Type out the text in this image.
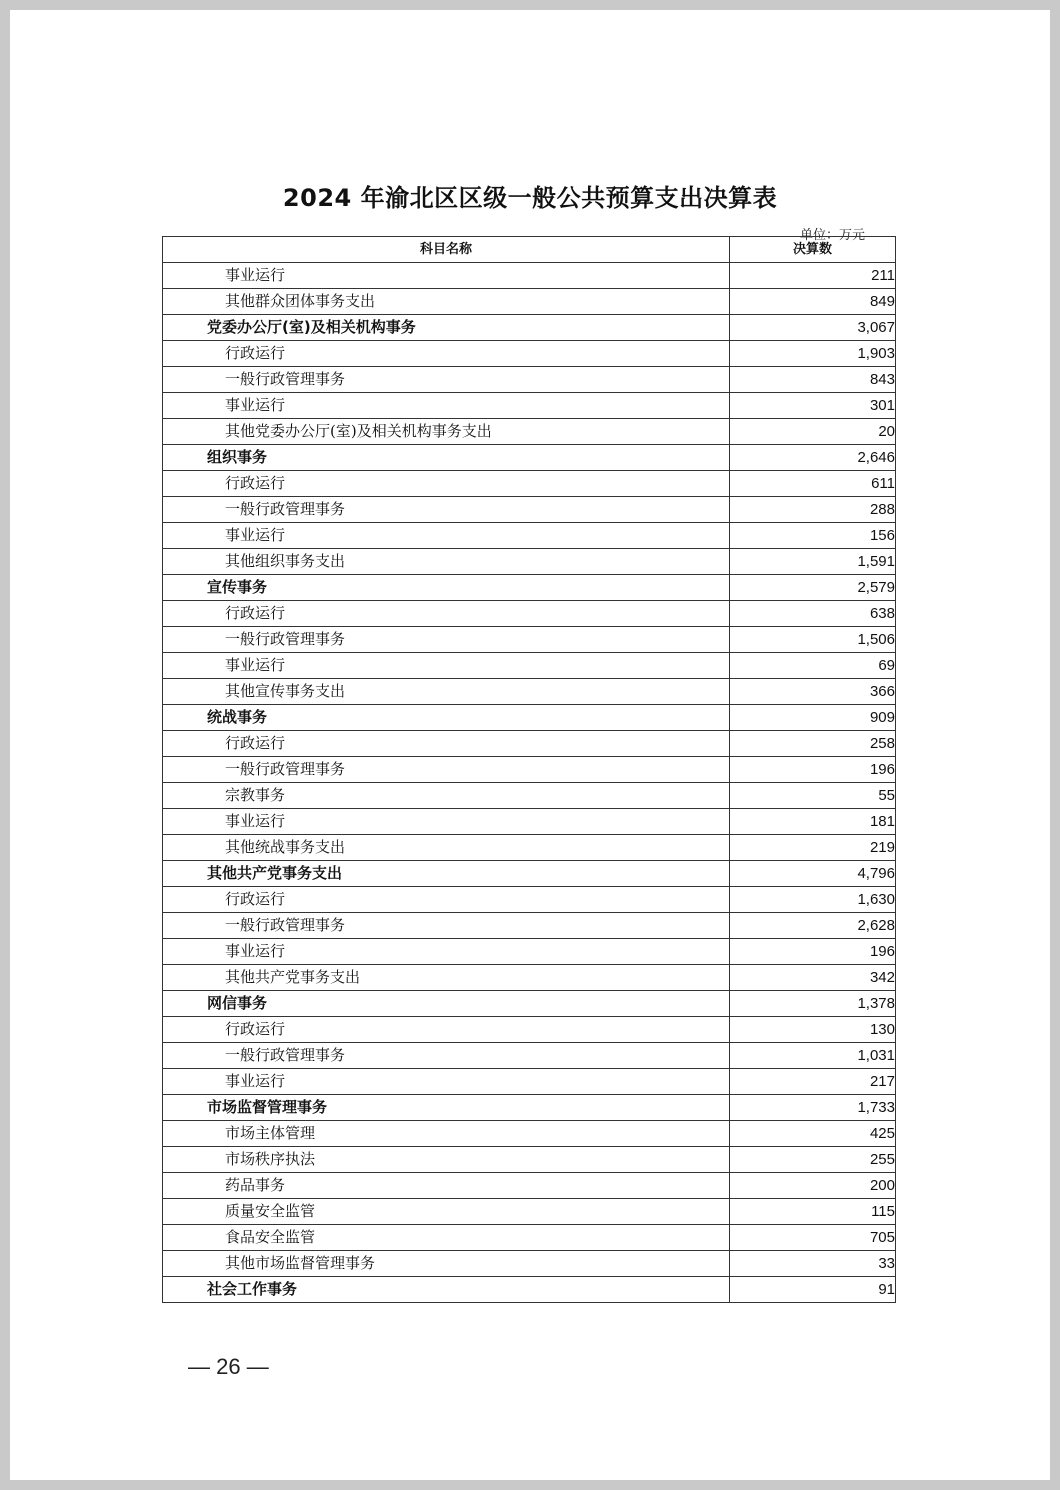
2024 年渝北区区级一般公共预算支出决算表
单位：万元
科目名称	决算数
事业运行	211
其他群众团体事务支出	849
党委办公厅(室)及相关机构事务	3,067
行政运行	1,903
一般行政管理事务	843
事业运行	301
其他党委办公厅(室)及相关机构事务支出	20
组织事务	2,646
行政运行	611
一般行政管理事务	288
事业运行	156
其他组织事务支出	1,591
宣传事务	2,579
行政运行	638
一般行政管理事务	1,506
事业运行	69
其他宣传事务支出	366
统战事务	909
行政运行	258
一般行政管理事务	196
宗教事务	55
事业运行	181
其他统战事务支出	219
其他共产党事务支出	4,796
行政运行	1,630
一般行政管理事务	2,628
事业运行	196
其他共产党事务支出	342
网信事务	1,378
行政运行	130
一般行政管理事务	1,031
事业运行	217
市场监督管理事务	1,733
市场主体管理	425
市场秩序执法	255
药品事务	200
质量安全监管	115
食品安全监管	705
其他市场监督管理事务	33
社会工作事务	91
— 26 —
